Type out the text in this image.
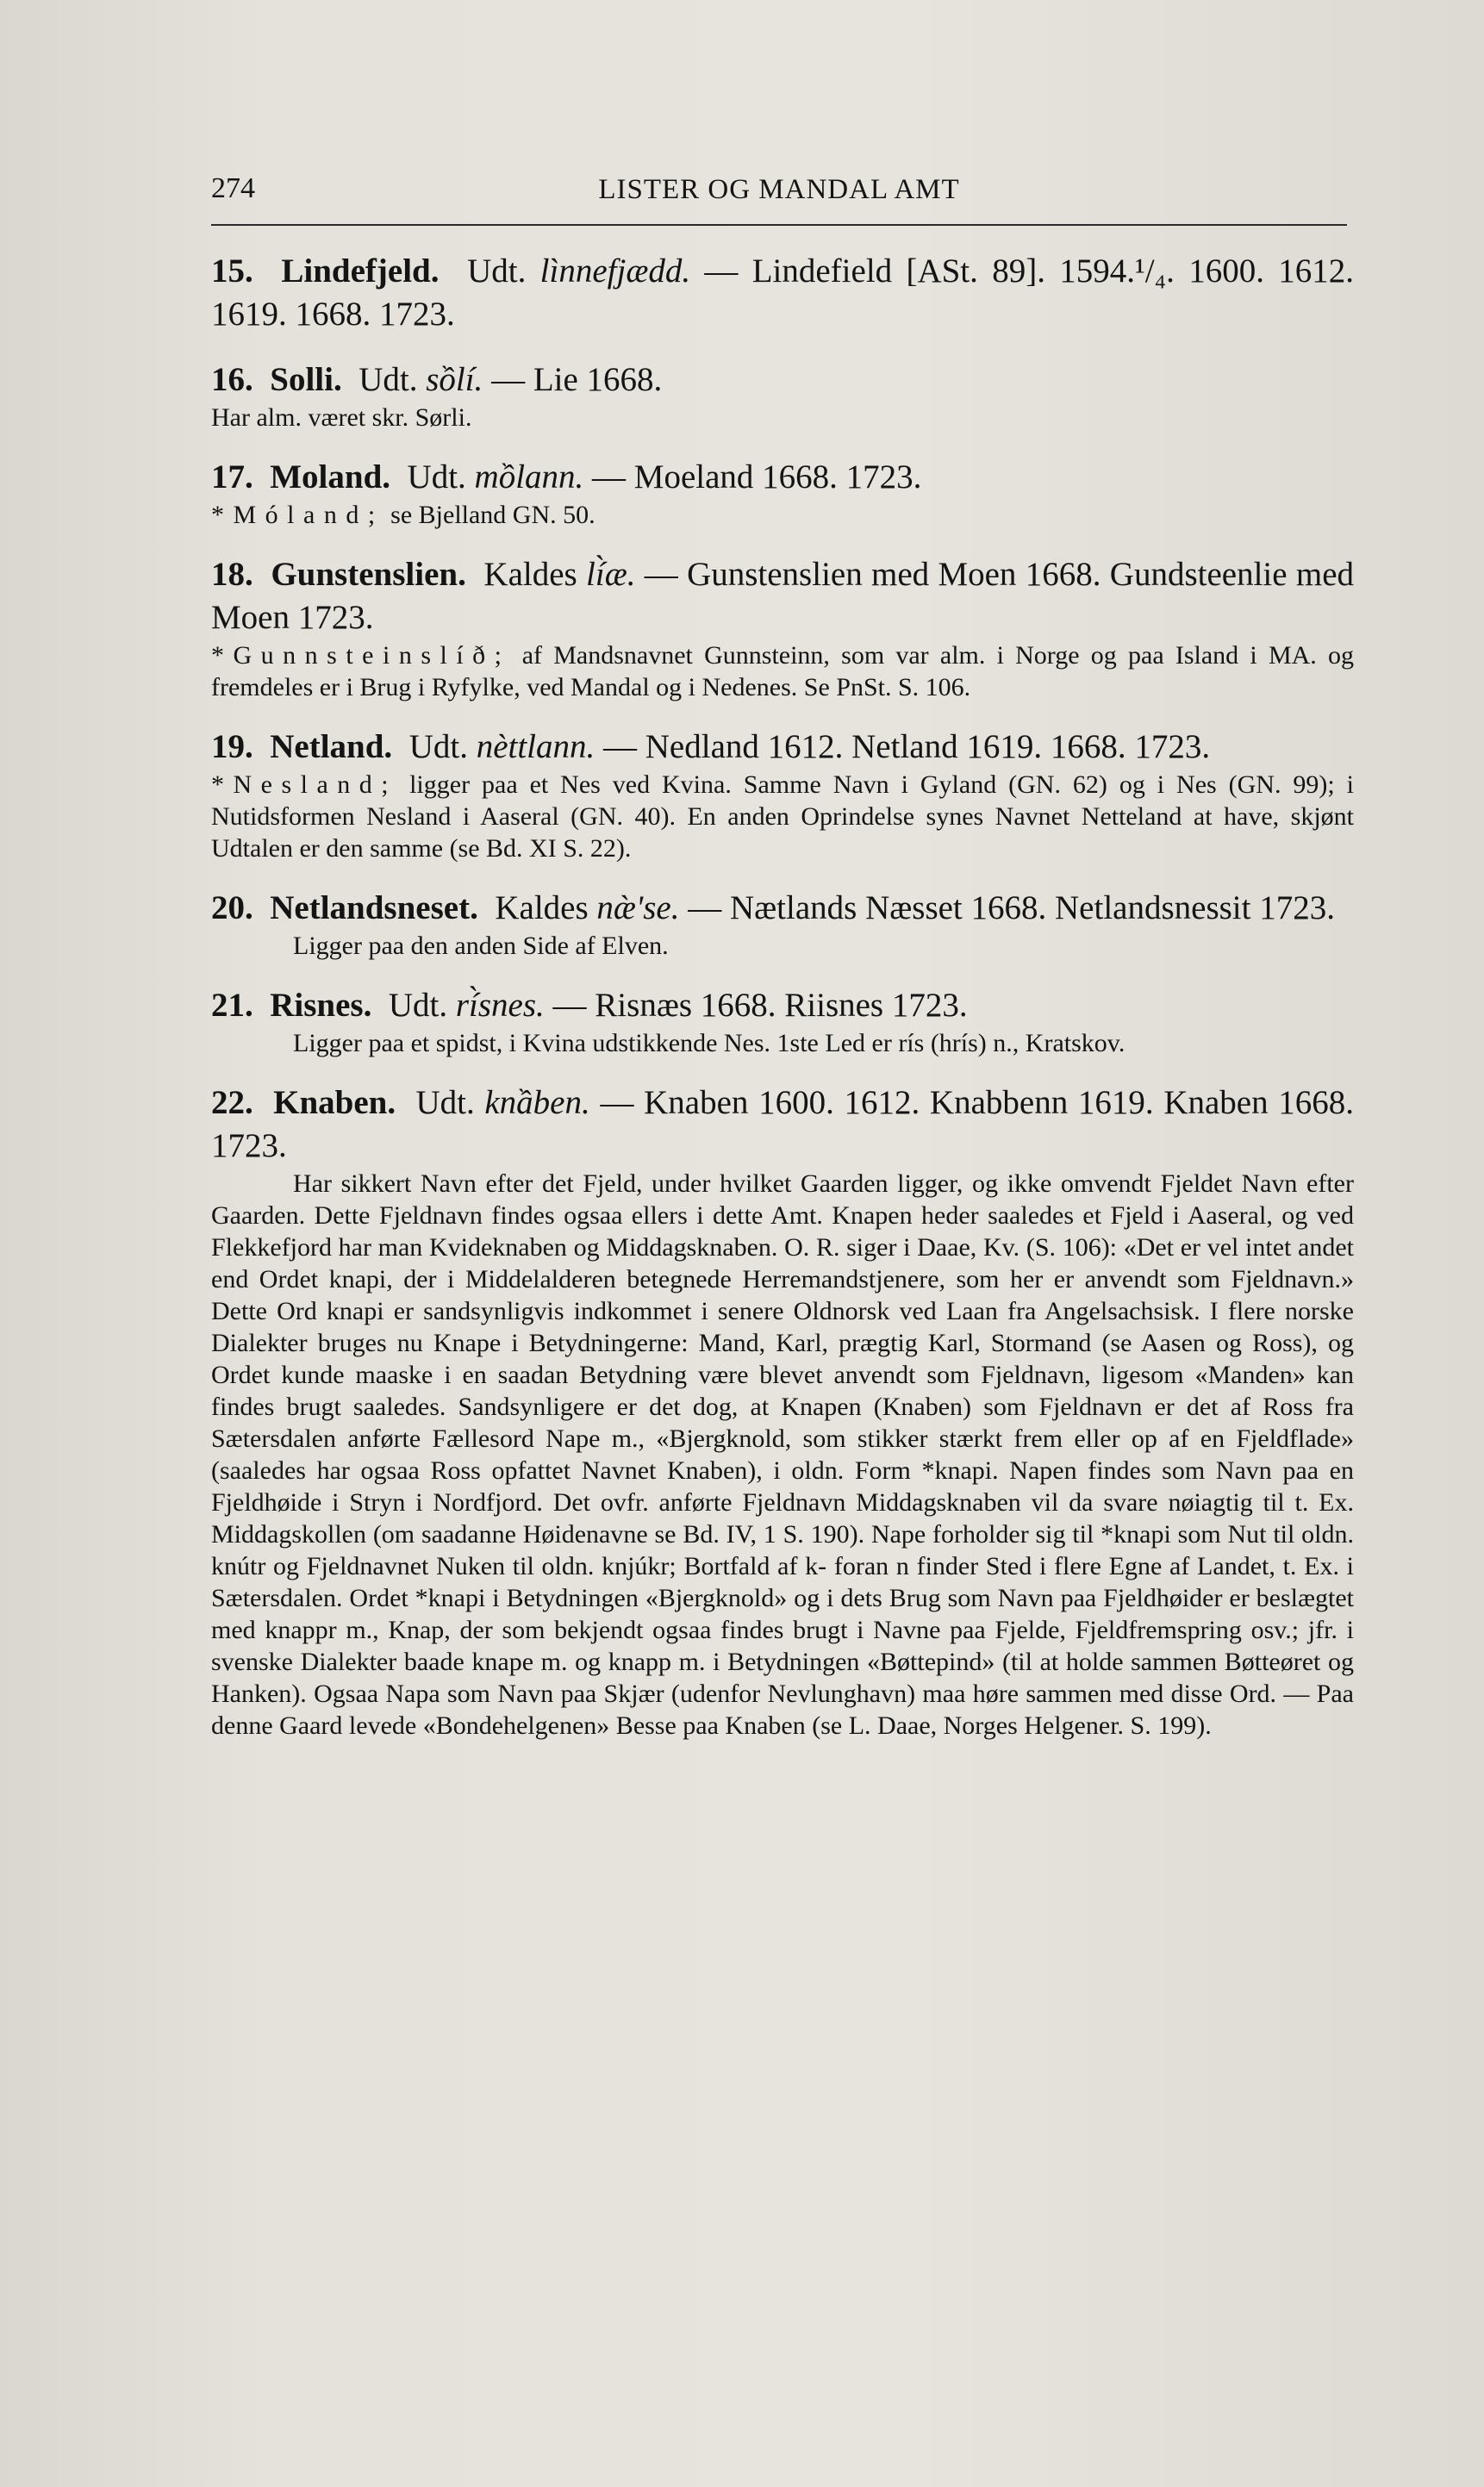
274	LISTER OG MANDAL AMT
15. Lindefjeld. Udt. lìnnefjædd. — Lindefield [ASt. 89]. 1594.¹/₄. 1600. 1612. 1619. 1668. 1723.
16. Solli. Udt. sồlí. — Lie 1668.
Har alm. været skr. Sørli.
17. Moland. Udt. mồlann. — Moeland 1668. 1723.
*Móland; se Bjelland GN. 50.
18. Gunstenslien. Kaldes lí̀æ. — Gunstenslien med Moen 1668. Gundsteenlie med Moen 1723.
*Gunnsteinslíð; af Mandsnavnet Gunnsteinn, som var alm. i Norge og paa Island i MA. og fremdeles er i Brug i Ryfylke, ved Mandal og i Nedenes. Se PnSt. S. 106.
19. Netland. Udt. nèttlann. — Nedland 1612. Netland 1619. 1668. 1723.
*Nesland; ligger paa et Nes ved Kvina. Samme Navn i Gyland (GN. 62) og i Nes (GN. 99); i Nutidsformen Nesland i Aaseral (GN. 40). En anden Oprindelse synes Navnet Netteland at have, skjønt Udtalen er den samme (se Bd. XI S. 22).
20. Netlandsneset. Kaldes næ̀'se. — Nætlands Næsset 1668. Netlandsnessit 1723.
Ligger paa den anden Side af Elven.
21. Risnes. Udt. rí̀snes. — Risnæs 1668. Riisnes 1723.
Ligger paa et spidst, i Kvina udstikkende Nes. 1ste Led er rís (hrís) n., Kratskov.
22. Knaben. Udt. knầben. — Knaben 1600. 1612. Knabbenn 1619. Knaben 1668. 1723.
Har sikkert Navn efter det Fjeld, under hvilket Gaarden ligger, og ikke omvendt Fjeldet Navn efter Gaarden. Dette Fjeldnavn findes ogsaa ellers i dette Amt. Knapen heder saaledes et Fjeld i Aaseral, og ved Flekkefjord har man Kvideknaben og Middagsknaben. O. R. siger i Daae, Kv. (S. 106): «Det er vel intet andet end Ordet knapi, der i Middelalderen betegnede Herremandstjenere, som her er anvendt som Fjeldnavn.» Dette Ord knapi er sandsynligvis indkommet i senere Oldnorsk ved Laan fra Angelsachsisk. I flere norske Dialekter bruges nu Knape i Betydningerne: Mand, Karl, prægtig Karl, Stormand (se Aasen og Ross), og Ordet kunde maaske i en saadan Betydning være blevet anvendt som Fjeldnavn, ligesom «Manden» kan findes brugt saaledes. Sandsynligere er det dog, at Knapen (Knaben) som Fjeldnavn er det af Ross fra Sætersdalen anførte Fællesord Nape m., «Bjergknold, som stikker stærkt frem eller op af en Fjeldflade» (saaledes har ogsaa Ross opfattet Navnet Knaben), i oldn. Form *knapi. Napen findes som Navn paa en Fjeldhøide i Stryn i Nordfjord. Det ovfr. anførte Fjeldnavn Middagsknaben vil da svare nøiagtig til t. Ex. Middagskollen (om saadanne Høidenavne se Bd. IV, 1 S. 190). Nape forholder sig til *knapi som Nut til oldn. knútr og Fjeldnavnet Nuken til oldn. knjúkr; Bortfald af k- foran n finder Sted i flere Egne af Landet, t. Ex. i Sætersdalen. Ordet *knapi i Betydningen «Bjergknold» og i dets Brug som Navn paa Fjeldhøider er beslægtet med knappr m., Knap, der som bekjendt ogsaa findes brugt i Navne paa Fjelde, Fjeldfremspring osv.; jfr. i svenske Dialekter baade knape m. og knapp m. i Betydningen «Bøttepind» (til at holde sammen Bøtteøret og Hanken). Ogsaa Napa som Navn paa Skjær (udenfor Nevlunghavn) maa høre sammen med disse Ord. — Paa denne Gaard levede «Bondehelgenen» Besse paa Knaben (se L. Daae, Norges Helgener. S. 199).
